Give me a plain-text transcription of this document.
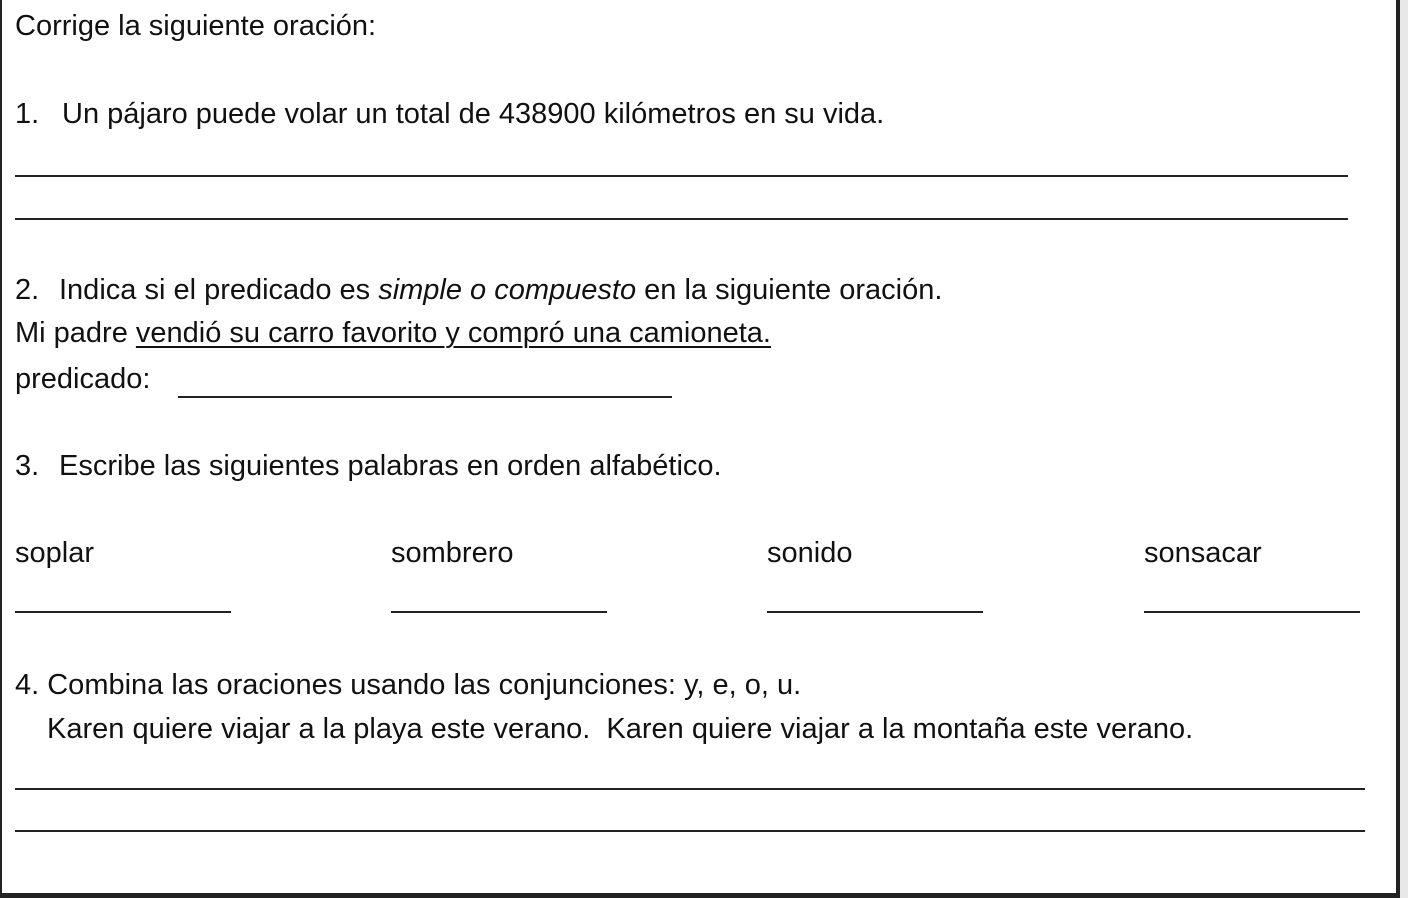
Corrige la siguiente oración:
1. Un pájaro puede volar un total de 438900 kilómetros en su vida.
2. Indica si el predicado es simple o compuesto en la siguiente oración.
Mi padre vendió su carro favorito y compró una camioneta.
predicado:
3. Escribe las siguientes palabras en orden alfabético.
soplar	sombrero	sonido	sonsacar
4. Combina las oraciones usando las conjunciones: y, e, o, u.
Karen quiere viajar a la playa este verano.  Karen quiere viajar a la montaña este verano.
